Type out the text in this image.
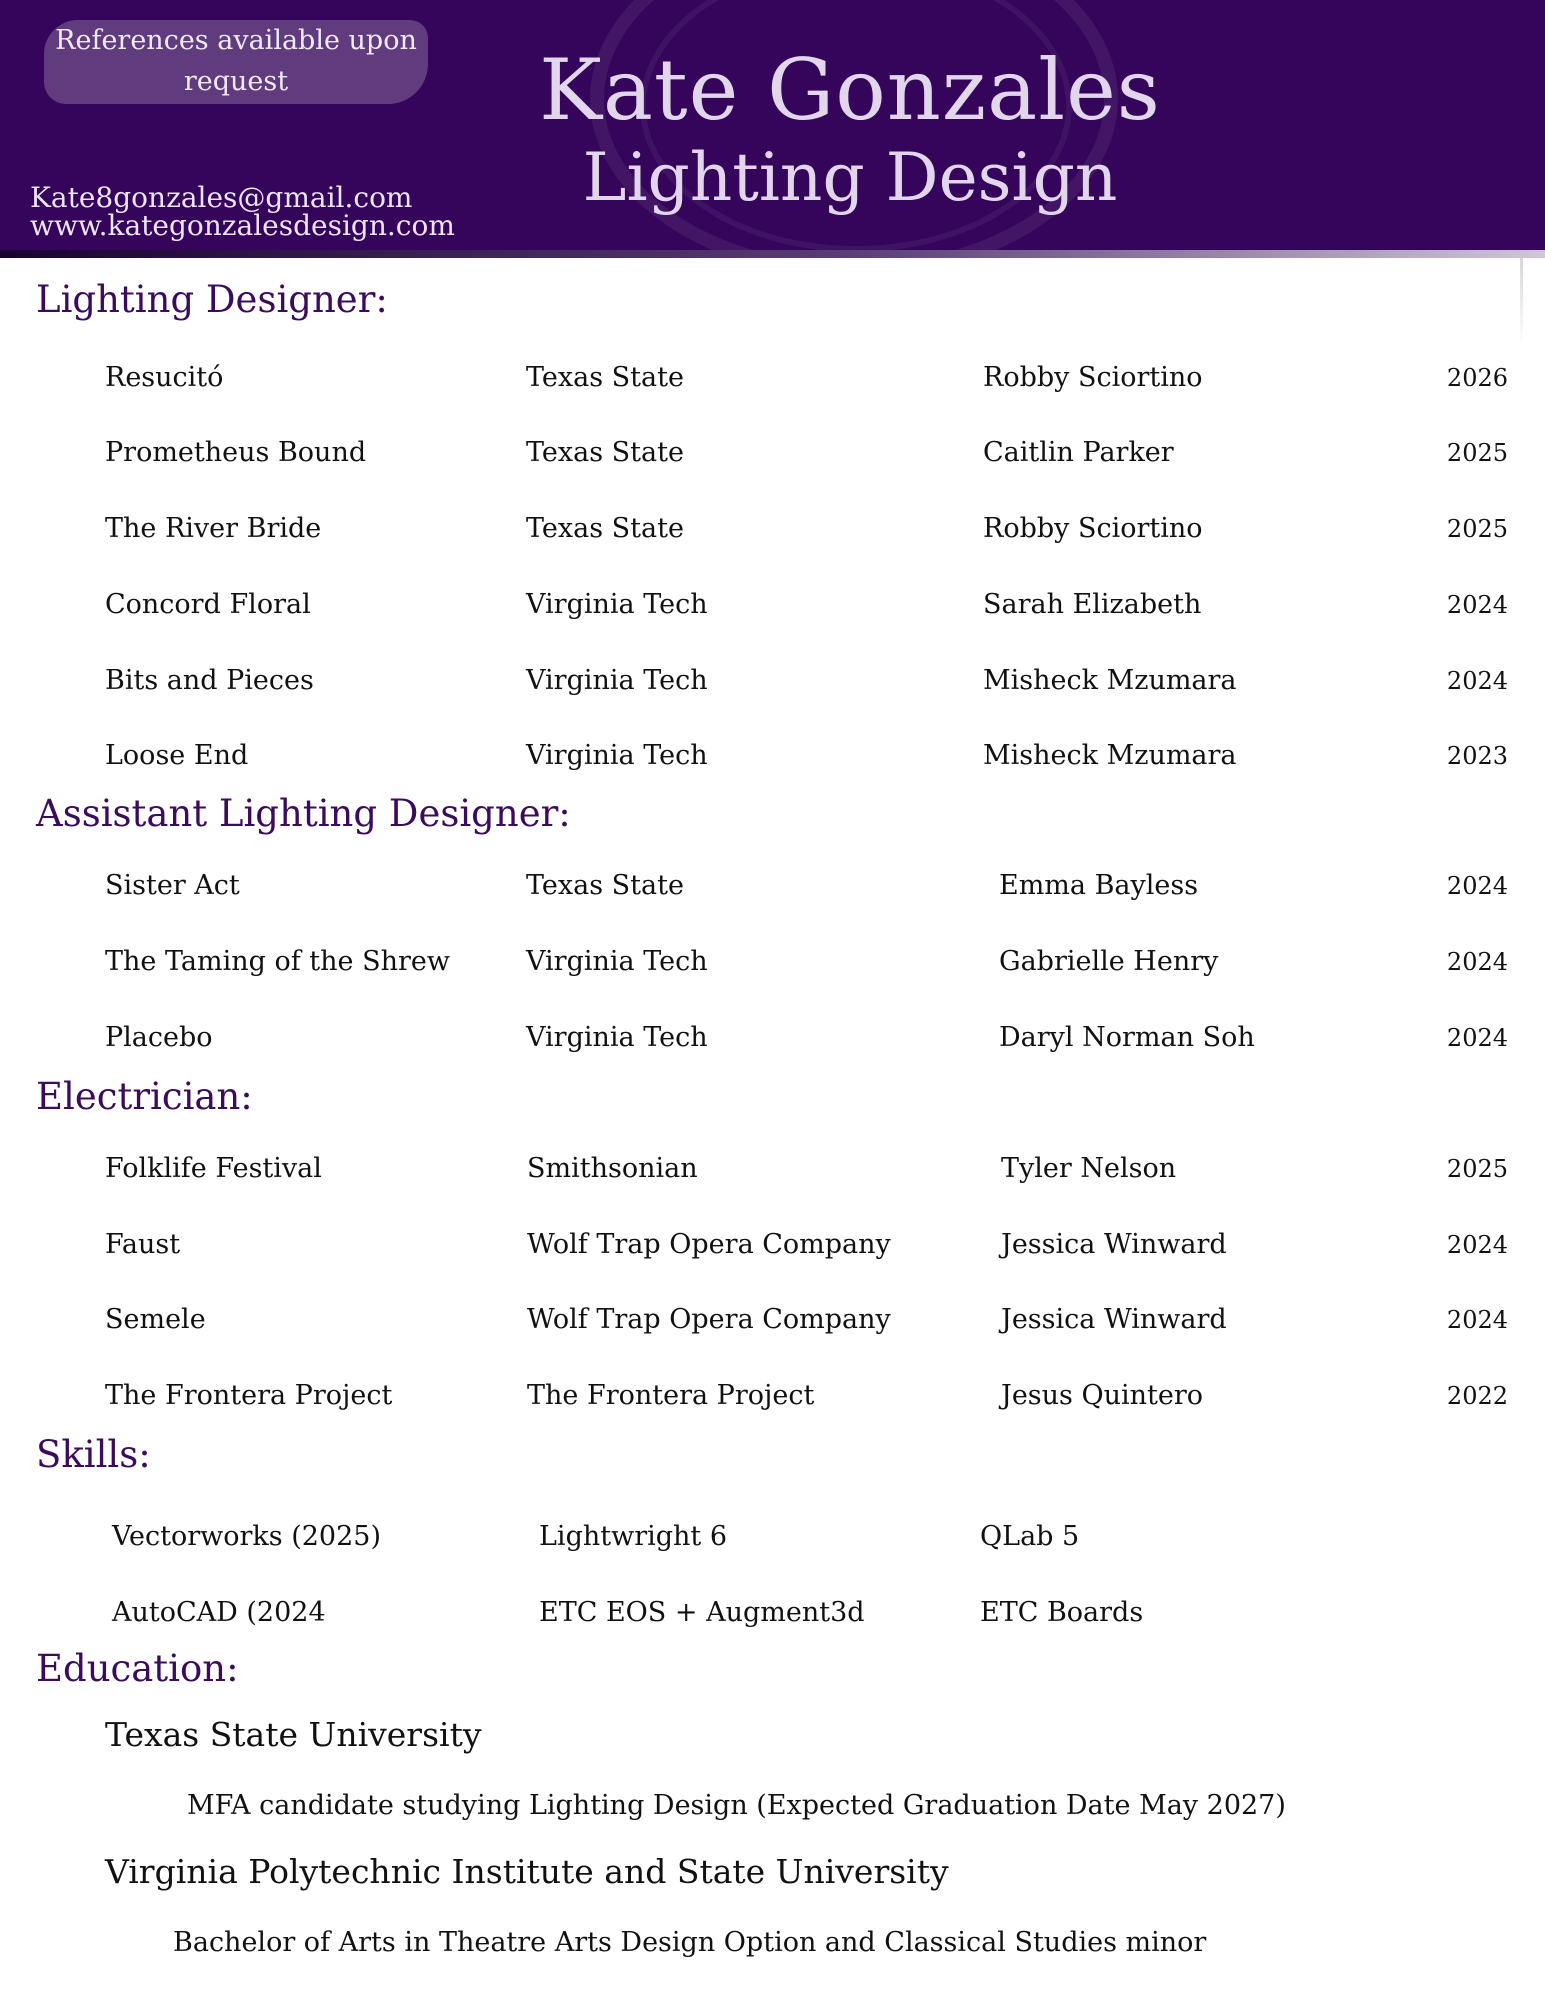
References available upon request
Kate8gonzales@gmail.com
www.kategonzalesdesign.com
Kate Gonzales
Lighting Design
Lighting Designer:
Resucitó	Texas State	Robby Sciortino	2026
Prometheus Bound	Texas State	Caitlin Parker	2025
The River Bride	Texas State	Robby Sciortino	2025
Concord Floral	Virginia Tech	Sarah Elizabeth	2024
Bits and Pieces	Virginia Tech	Misheck Mzumara	2024
Loose End	Virginia Tech	Misheck Mzumara	2023
Assistant Lighting Designer:
Sister Act	Texas State	Emma Bayless	2024
The Taming of the Shrew	Virginia Tech	Gabrielle Henry	2024
Placebo	Virginia Tech	Daryl Norman Soh	2024
Electrician:
Folklife Festival	Smithsonian	Tyler Nelson	2025
Faust	Wolf Trap Opera Company	Jessica Winward	2024
Semele	Wolf Trap Opera Company	Jessica Winward	2024
The Frontera Project	The Frontera Project	Jesus Quintero	2022
Skills:
Vectorworks (2025)	Lightwright 6	QLab 5
AutoCAD (2024	ETC EOS + Augment3d	ETC Boards
Education:
Texas State University
MFA candidate studying Lighting Design (Expected Graduation Date May 2027)
Virginia Polytechnic Institute and State University
Bachelor of Arts in Theatre Arts Design Option and Classical Studies minor
